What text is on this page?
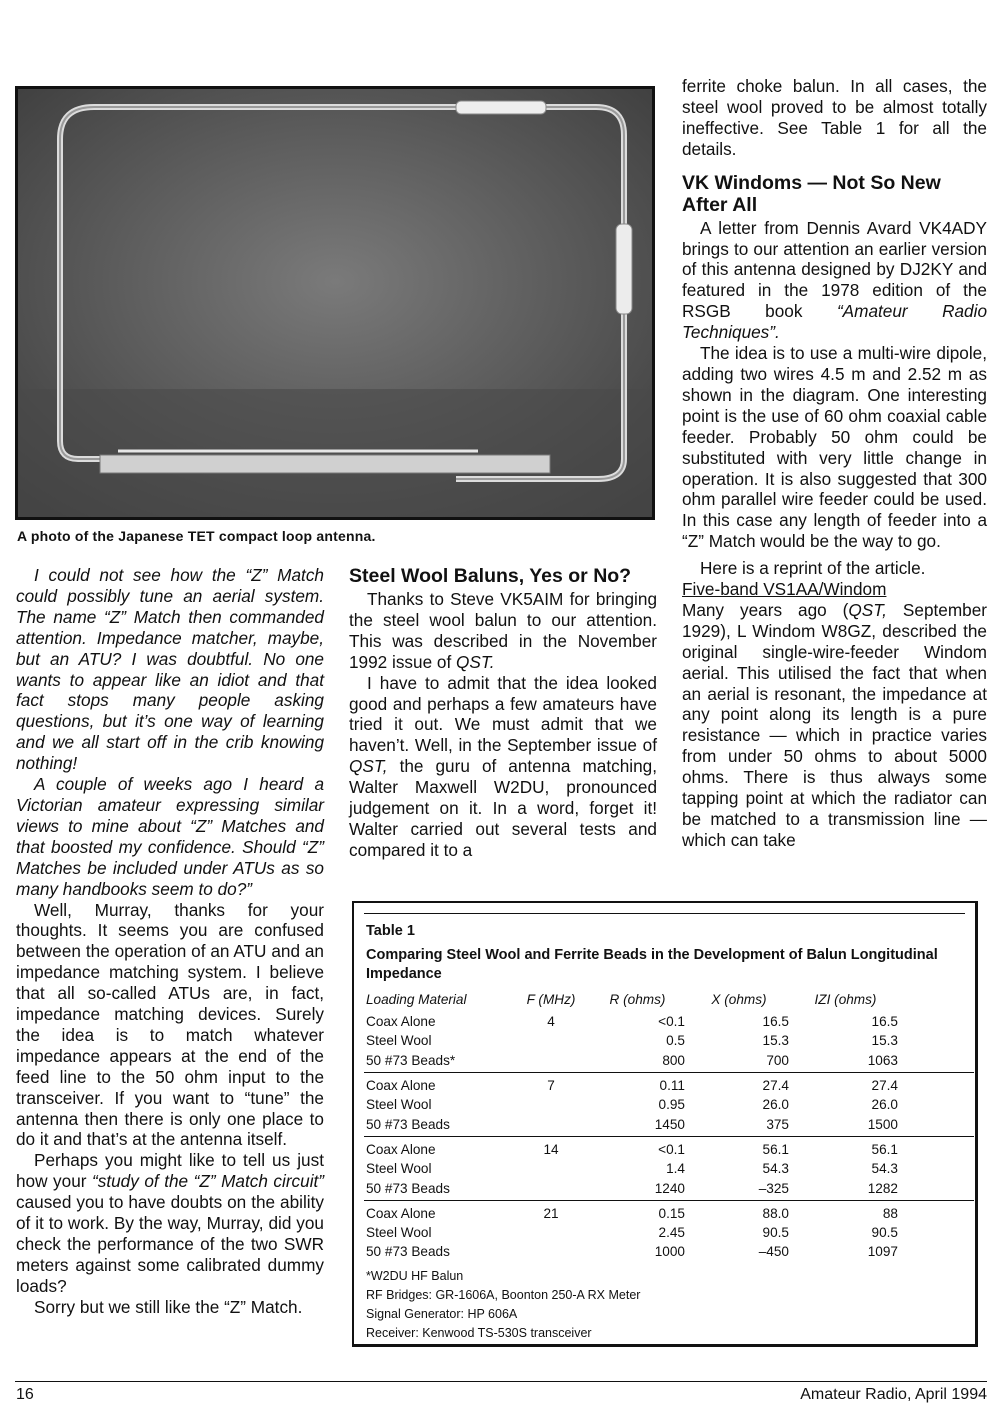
A photo of the Japanese TET compact loop antenna.

I could not see how the “Z” Match could possibly tune an aerial system. The name “Z” Match then commanded attention. Impedance matcher, maybe, but an ATU? I was doubtful. No one wants to appear like an idiot and that fact stops many people asking questions, but it’s one way of learning and we all start off in the crib knowing nothing!

A couple of weeks ago I heard a Victorian amateur expressing similar views to mine about “Z” Matches and that boosted my confidence. Should “Z” Matches be included under ATUs as so many handbooks seem to do?”

Well, Murray, thanks for your thoughts. It seems you are confused between the operation of an ATU and an impedance matching system. I believe that all so-called ATUs are, in fact, impedance matching devices. Surely the idea is to match whatever impedance appears at the end of the feed line to the 50 ohm input to the transceiver. If you want to “tune” the antenna then there is only one place to do it and that’s at the antenna itself.

Perhaps you might like to tell us just how your “study of the “Z” Match circuit” caused you to have doubts on the ability of it to work. By the way, Murray, did you check the performance of the two SWR meters against some calibrated dummy loads?

Sorry but we still like the “Z” Match.

Steel Wool Baluns, Yes or No?

Thanks to Steve VK5AIM for bringing the steel wool balun to our attention. This was described in the November 1992 issue of QST.

I have to admit that the idea looked good and perhaps a few amateurs have tried it out. We must admit that we haven’t. Well, in the September issue of QST, the guru of antenna matching, Walter Maxwell W2DU, pronounced judgement on it. In a word, forget it! Walter carried out several tests and compared it to a

ferrite choke balun. In all cases, the steel wool proved to be almost totally ineffective. See Table 1 for all the details.

VK Windoms — Not So New After All

A letter from Dennis Avard VK4ADY brings to our attention an earlier version of this antenna designed by DJ2KY and featured in the 1978 edition of the RSGB book “Amateur Radio Techniques”.

The idea is to use a multi-wire dipole, adding two wires 4.5 m and 2.52 m as shown in the diagram. One interesting point is the use of 60 ohm coaxial cable feeder. Probably 50 ohm could be substituted with very little change in operation. It is also suggested that 300 ohm parallel wire feeder could be used. In this case any length of feeder into a “Z” Match would be the way to go.

Here is a reprint of the article.

Five-band VS1AA/Windom

Many years ago (QST, September 1929), L Windom W8GZ, described the original single-wire-feeder Windom aerial. This utilised the fact that when an aerial is resonant, the impedance at any point along its length is a pure resistance — which in practice varies from under 50 ohms to about 5000 ohms. There is thus always some tapping point at which the radiator can be matched to a transmission line — which can take

Table 1
Comparing Steel Wool and Ferrite Beads in the Development of Balun Longitudinal Impedance
Loading Material	F (MHz)	R (ohms)	X (ohms)	IZI (ohms)	
Coax Alone	4	<0.1	16.5	16.5	
Steel Wool		0.5	15.3	15.3	
50 #73 Beads*		800	700	1063	
Coax Alone	7	0.11	27.4	27.4	
Steel Wool		0.95	26.0	26.0	
50 #73 Beads		1450	375	1500	
Coax Alone	14	<0.1	56.1	56.1	
Steel Wool		1.4	54.3	54.3	
50 #73 Beads		1240	–325	1282	
Coax Alone	21	0.15	88.0	88	
Steel Wool		2.45	90.5	90.5	
50 #73 Beads		1000	–450	1097	
*W2DU HF Balun
RF Bridges: GR-1606A, Boonton 250-A RX Meter
Signal Generator: HP 606A
Receiver: Kenwood TS-530S transceiver
16	Amateur Radio, April 1994
